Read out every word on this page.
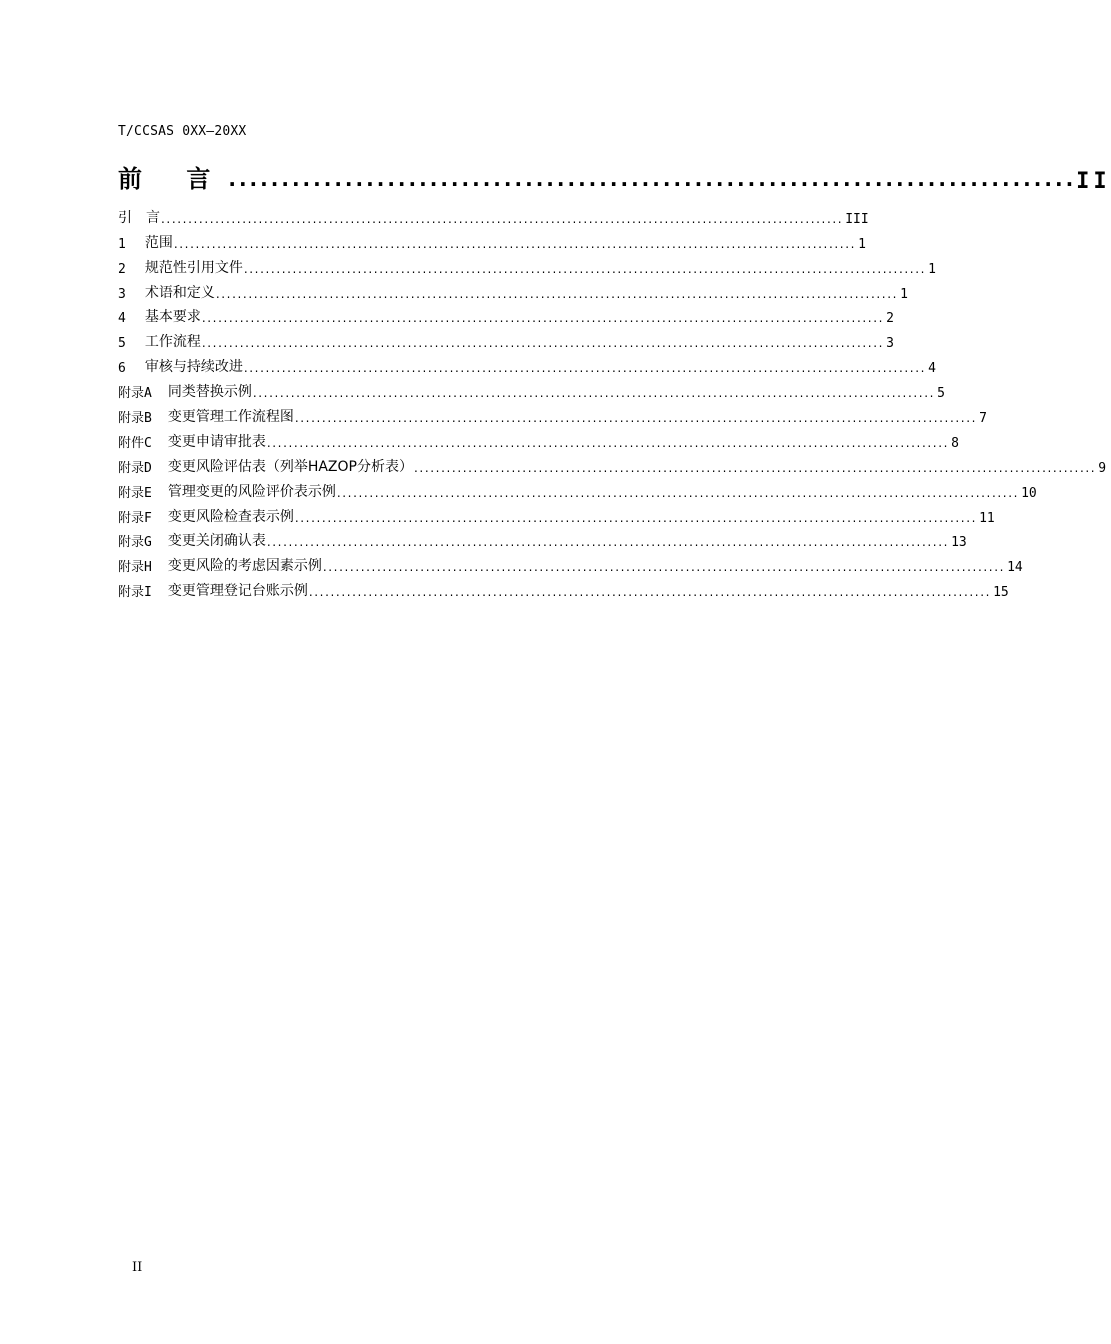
T/CCSAS 0XX—20XX
前 言 ................................................................................ II
引　言 .............................................................................................................................. III
1 范围 .............................................................................................................................. 1
2 规范性引用文件 .............................................................................................................................. 1
3 术语和定义 .............................................................................................................................. 1
4 基本要求 .............................................................................................................................. 2
5 工作流程 .............................................................................................................................. 3
6 审核与持续改进 .............................................................................................................................. 4
附录A 同类替换示例 .............................................................................................................................. 5
附录B 变更管理工作流程图 .............................................................................................................................. 7
附件C 变更申请审批表 .............................................................................................................................. 8
附录D 变更风险评估表（列举HAZOP分析表） .............................................................................................................................. 9
附录E 管理变更的风险评价表示例 .............................................................................................................................. 10
附录F 变更风险检查表示例 .............................................................................................................................. 11
附录G 变更关闭确认表 .............................................................................................................................. 13
附录H 变更风险的考虑因素示例 .............................................................................................................................. 14
附录I 变更管理登记台账示例 .............................................................................................................................. 15
II
